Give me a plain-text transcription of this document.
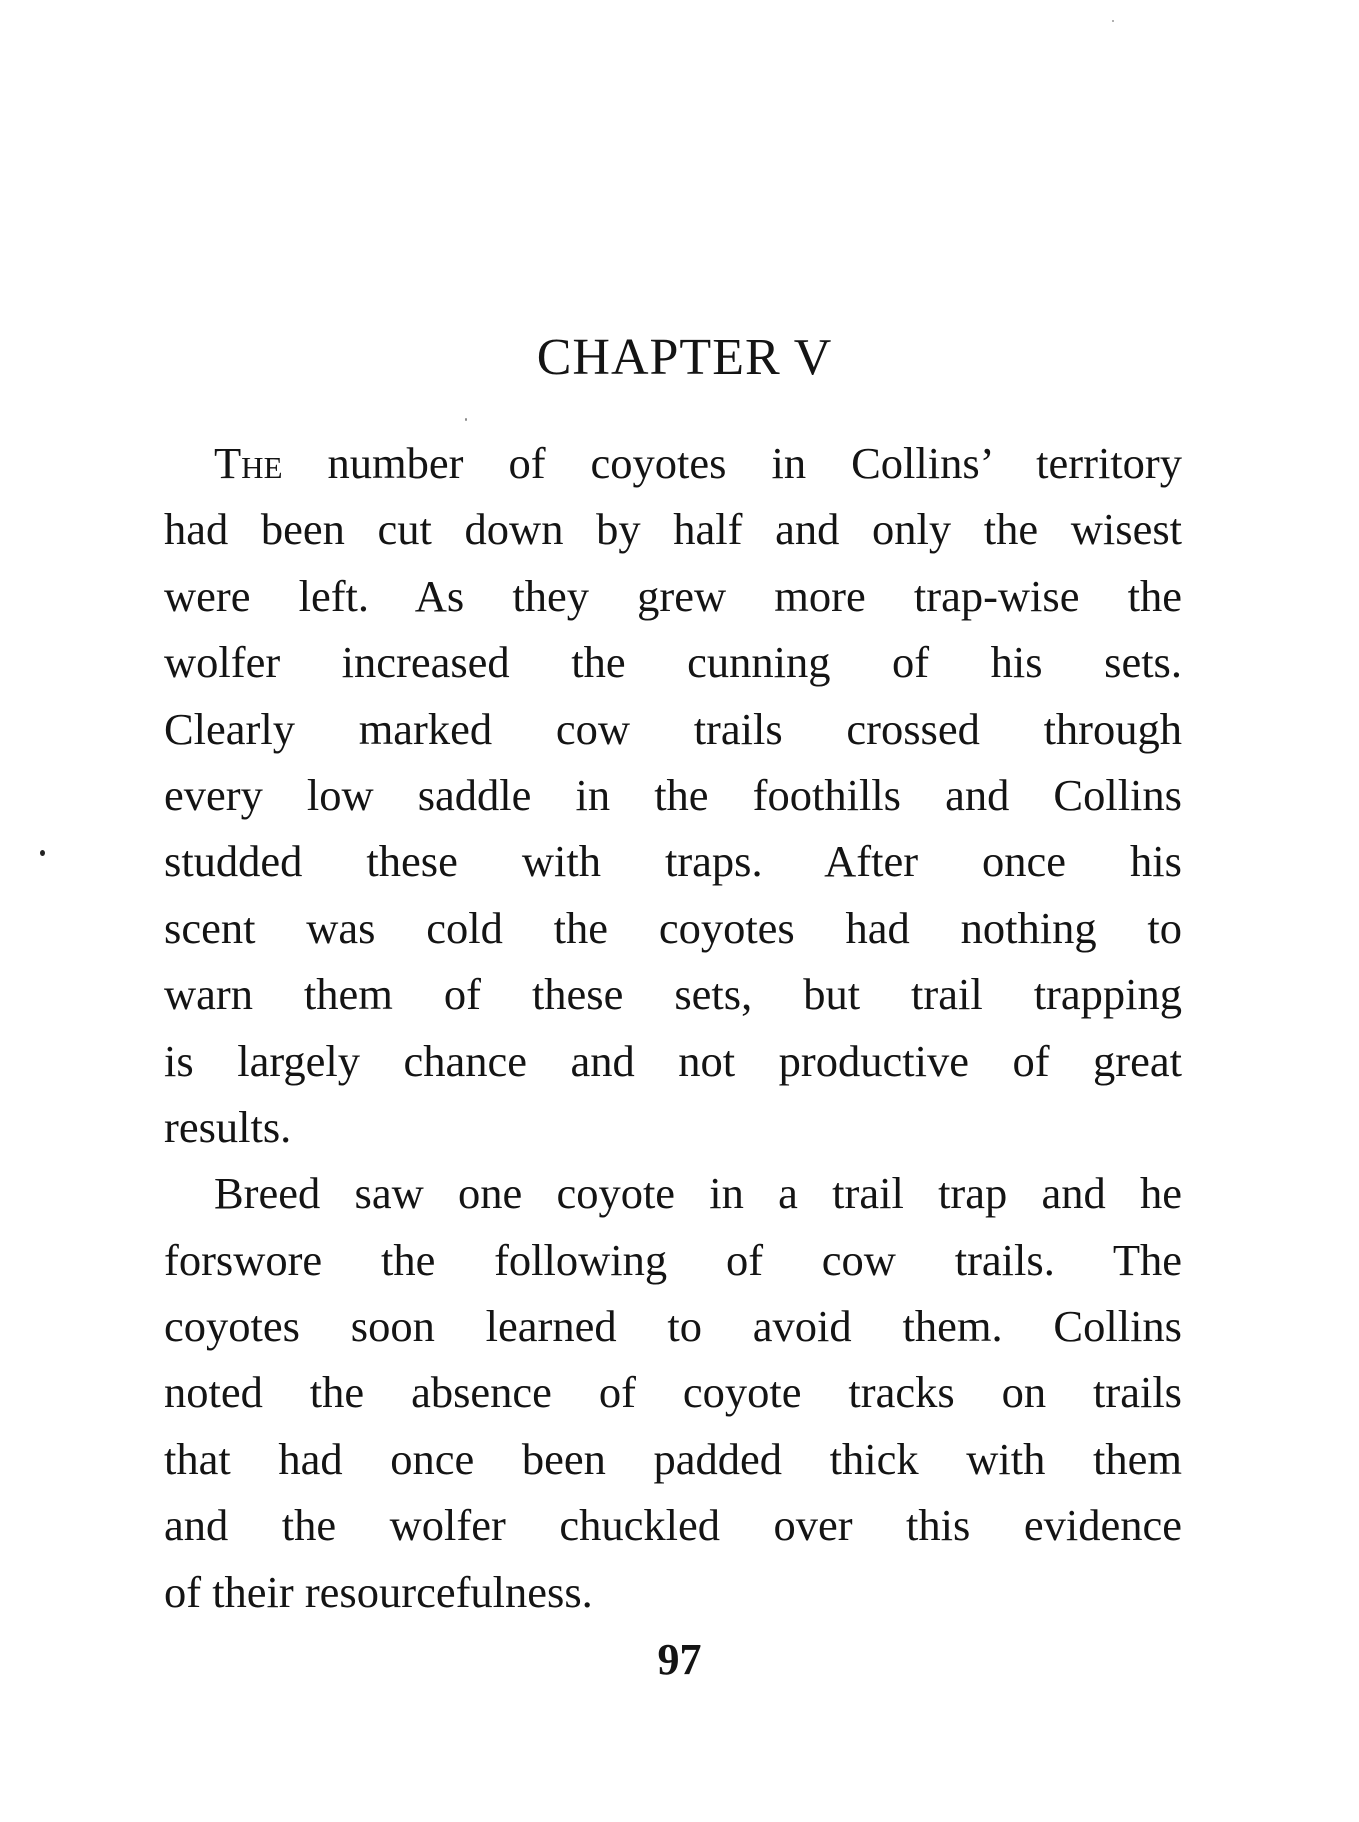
CHAPTER V
The number of coyotes in Collins’ territory
had been cut down by half and only the wisest
were left. As they grew more trap-wise the
wolfer increased the cunning of his sets.
Clearly marked cow trails crossed through
every low saddle in the foothills and Collins
studded these with traps. After once his
scent was cold the coyotes had nothing to
warn them of these sets, but trail trapping
is largely chance and not productive of great
results.
Breed saw one coyote in a trail trap and he
forswore the following of cow trails. The
coyotes soon learned to avoid them. Collins
noted the absence of coyote tracks on trails
that had once been padded thick with them
and the wolfer chuckled over this evidence
of their resourcefulness.
97
